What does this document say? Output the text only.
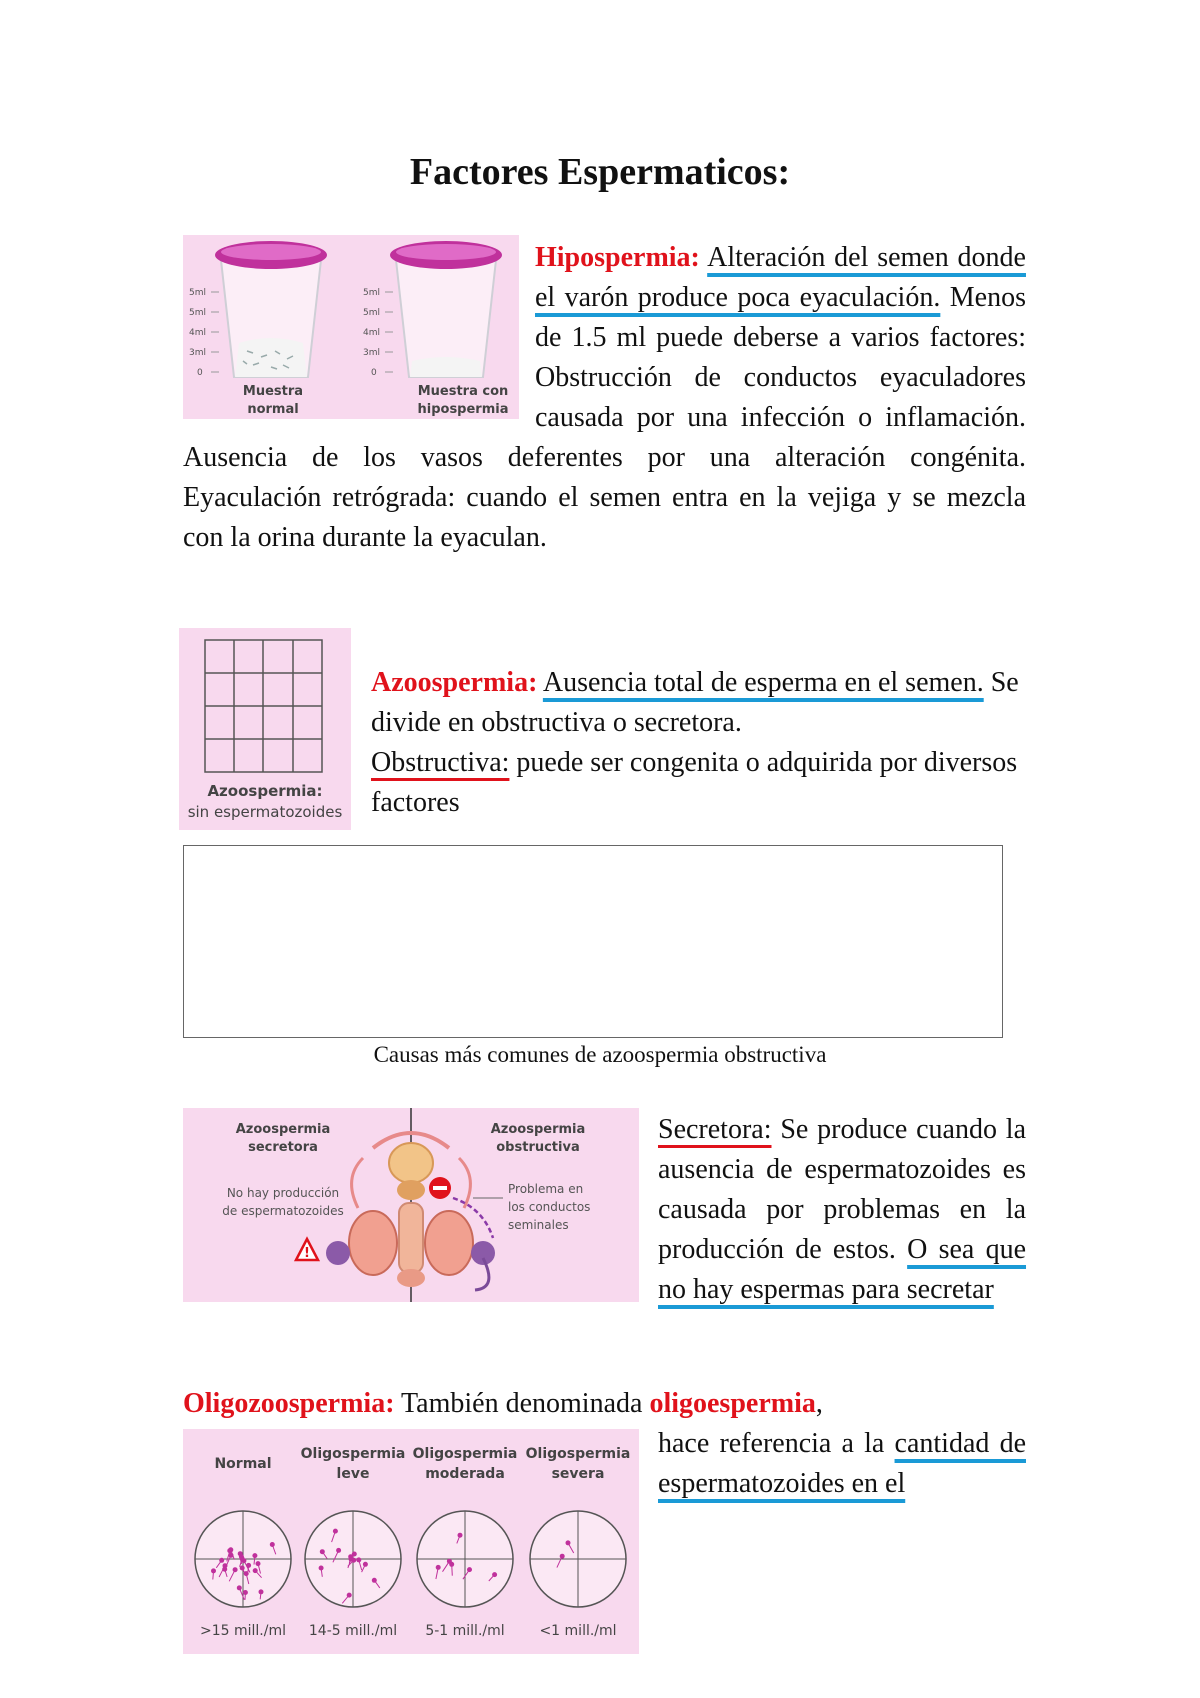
Factores Espermaticos:
5ml
5ml
4ml
3ml
0
5ml
5ml
4ml
3ml
0
Muestra
normal
Muestra con
hipospermia
Hipospermia: Alteración del semen donde el varón produce poca eyaculación. Menos de 1.5 ml puede deberse a varios factores: Obstrucción de conductos eyaculadores causada por una infección o inflamación. Ausencia de los vasos deferentes por una alteración congénita. Eyaculación retrógrada: cuando el semen entra en la vejiga y se mezcla con la orina durante la eyaculan.
Azoospermia:
sin espermatozoides
Azoospermia: Ausencia total de esperma en el semen. Se divide en obstructiva o secretora.
Obstructiva: puede ser congenita o adquirida por diversos factores
Causas más comunes de azoospermia obstructiva
Azoospermia
secretora
Azoospermia
obstructiva
No hay producción
de espermatozoides
Problema en
los conductos
seminales
!
Secretora: Se produce cuando la ausencia de espermatozoides es causada por problemas en la producción de estos. O sea que no hay espermas para secretar
Oligozoospermia: También denominada oligoespermia,

hace referencia a la cantidad de espermatozoides en el
Normal
Oligospermia
leve
Oligospermia
moderada
Oligospermia
severa
>15 mill./ml 14-5 mill./ml 5-1 mill./ml <1 mill./ml
